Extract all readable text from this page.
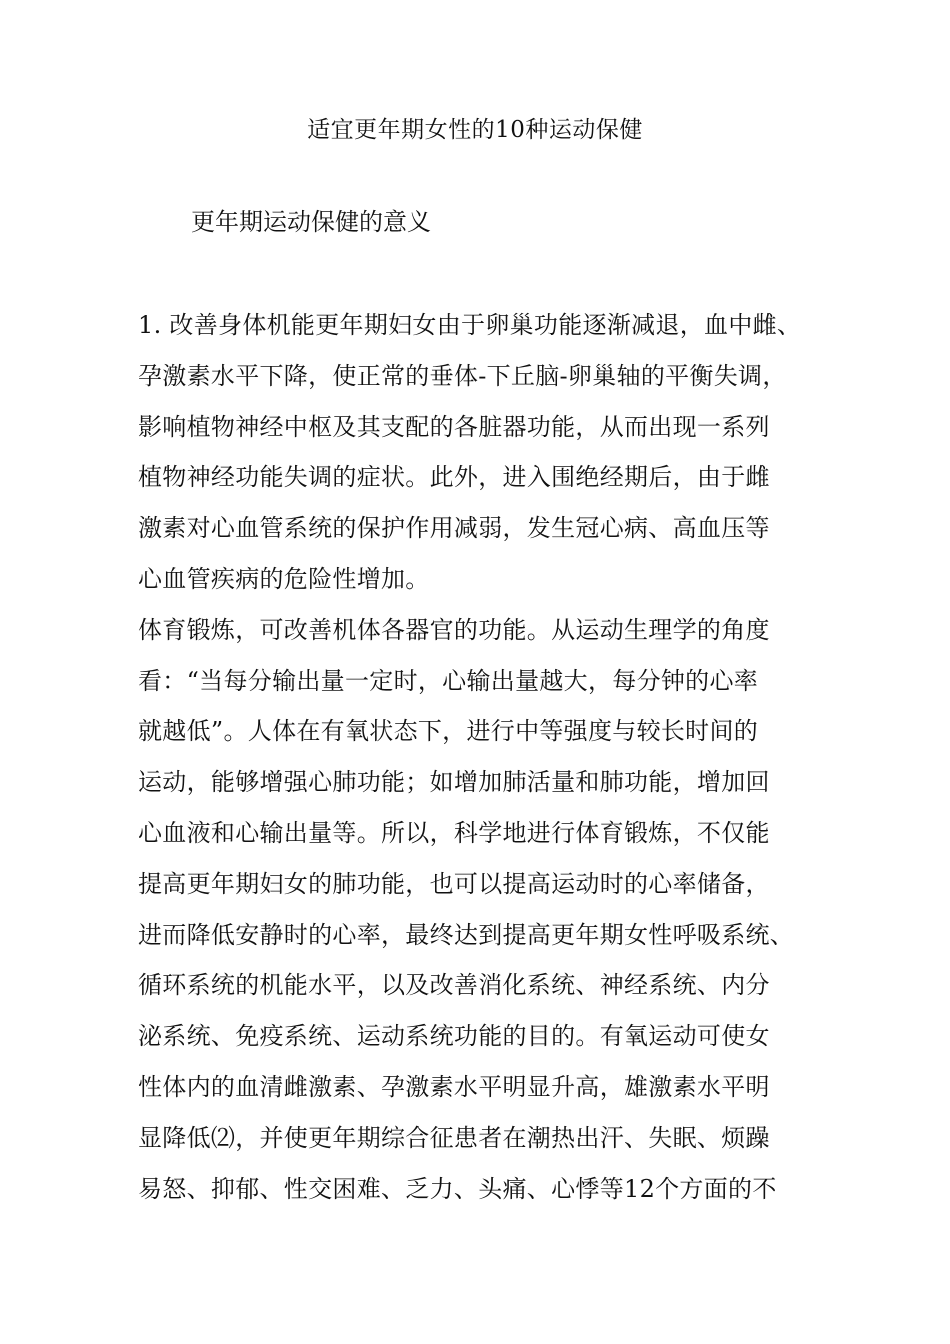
适宜更年期女性的10种运动保健
更年期运动保健的意义
1. 改善身体机能更年期妇女由于卵巢功能逐渐减退，血中雌、
孕激素水平下降，使正常的垂体-下丘脑-卵巢轴的平衡失调，
影响植物神经中枢及其支配的各脏器功能，从而出现一系列
植物神经功能失调的症状。此外，进入围绝经期后，由于雌
激素对心血管系统的保护作用减弱，发生冠心病、高血压等
心血管疾病的危险性增加。
体育锻炼，可改善机体各器官的功能。从运动生理学的角度
看：“当每分输出量一定时，心输出量越大，每分钟的心率
就越低”。人体在有氧状态下，进行中等强度与较长时间的
运动，能够增强心肺功能；如增加肺活量和肺功能，增加回
心血液和心输出量等。所以，科学地进行体育锻炼，不仅能
提高更年期妇女的肺功能，也可以提高运动时的心率储备，
进而降低安静时的心率，最终达到提高更年期女性呼吸系统、
循环系统的机能水平，以及改善消化系统、神经系统、内分
泌系统、免疫系统、运动系统功能的目的。有氧运动可使女
性体内的血清雌激素、孕激素水平明显升高，雄激素水平明
显降低⑵，并使更年期综合征患者在潮热出汗、失眠、烦躁
易怒、抑郁、性交困难、乏力、头痛、心悸等12个方面的不
